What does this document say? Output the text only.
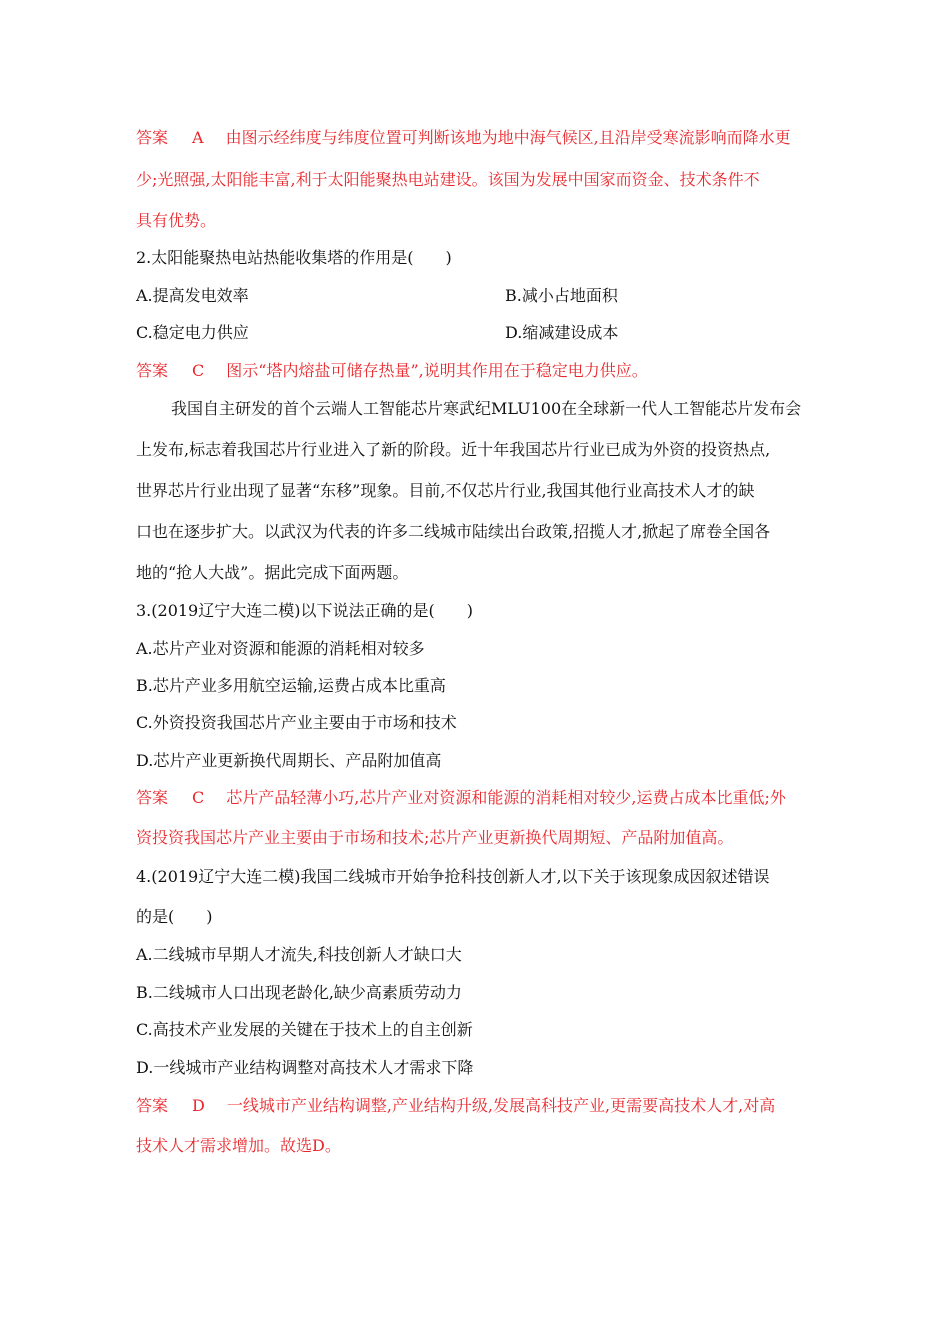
答案 A 由图示经纬度与纬度位置可判断该地为地中海气候区,且沿岸受寒流影响而降水更
少;光照强,太阳能丰富,利于太阳能聚热电站建设。该国为发展中国家而资金、技术条件不
具有优势。
2.太阳能聚热电站热能收集塔的作用是(　　)
A.提高发电效率	B.减小占地面积
C.稳定电力供应	D.缩减建设成本
答案 C 图示“塔内熔盐可储存热量”,说明其作用在于稳定电力供应。
我国自主研发的首个云端人工智能芯片寒武纪MLU100在全球新一代人工智能芯片发布会
上发布,标志着我国芯片行业进入了新的阶段。近十年我国芯片行业已成为外资的投资热点,
世界芯片行业出现了显著“东移”现象。目前,不仅芯片行业,我国其他行业高技术人才的缺
口也在逐步扩大。以武汉为代表的许多二线城市陆续出台政策,招揽人才,掀起了席卷全国各
地的“抢人大战”。据此完成下面两题。
3.(2019辽宁大连二模)以下说法正确的是(　　)
A.芯片产业对资源和能源的消耗相对较多
B.芯片产业多用航空运输,运费占成本比重高
C.外资投资我国芯片产业主要由于市场和技术
D.芯片产业更新换代周期长、产品附加值高
答案 C 芯片产品轻薄小巧,芯片产业对资源和能源的消耗相对较少,运费占成本比重低;外
资投资我国芯片产业主要由于市场和技术;芯片产业更新换代周期短、产品附加值高。
4.(2019辽宁大连二模)我国二线城市开始争抢科技创新人才,以下关于该现象成因叙述错误
的是(　　)
A.二线城市早期人才流失,科技创新人才缺口大
B.二线城市人口出现老龄化,缺少高素质劳动力
C.高技术产业发展的关键在于技术上的自主创新
D.一线城市产业结构调整对高技术人才需求下降
答案 D 一线城市产业结构调整,产业结构升级,发展高科技产业,更需要高技术人才,对高
技术人才需求增加。故选D。
